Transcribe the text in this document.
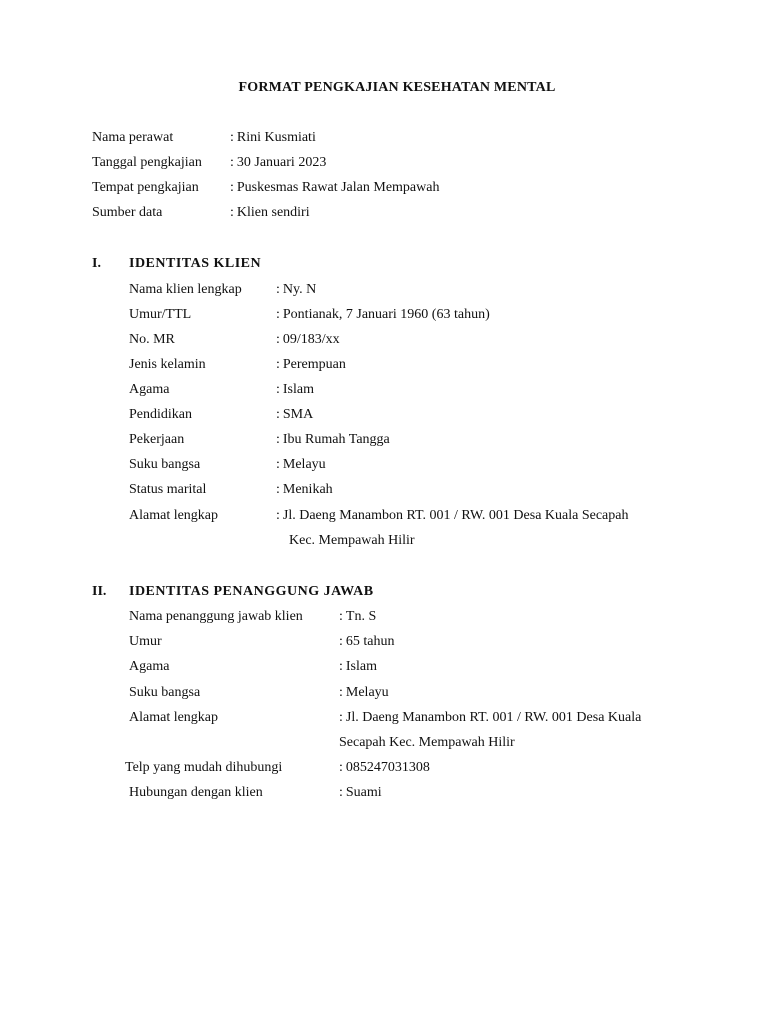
FORMAT PENGKAJIAN KESEHATAN MENTAL
Nama perawat	: Rini Kusmiati
Tanggal pengkajian : 30 Januari 2023
Tempat pengkajian : Puskesmas Rawat Jalan Mempawah
Sumber data	: Klien sendiri
I. IDENTITAS KLIEN
Nama klien lengkap : Ny. N
Umur/TTL	: Pontianak, 7 Januari 1960 (63 tahun)
No. MR	: 09/183/xx
Jenis kelamin	: Perempuan
Agama	: Islam
Pendidikan	: SMA
Pekerjaan	: Ibu Rumah Tangga
Suku bangsa	: Melayu
Status marital	: Menikah
Alamat lengkap	: Jl. Daeng Manambon RT. 001 / RW. 001 Desa Kuala Secapah
Kec. Mempawah Hilir
II. IDENTITAS PENANGGUNG JAWAB
Nama penanggung jawab klien	: Tn. S
Umur	: 65 tahun
Agama	: Islam
Suku bangsa	: Melayu
Alamat lengkap	: Jl. Daeng Manambon RT. 001 / RW. 001 Desa Kuala
Secapah Kec. Mempawah Hilir
Telp yang mudah dihubungi	: 085247031308
Hubungan dengan klien	: Suami
